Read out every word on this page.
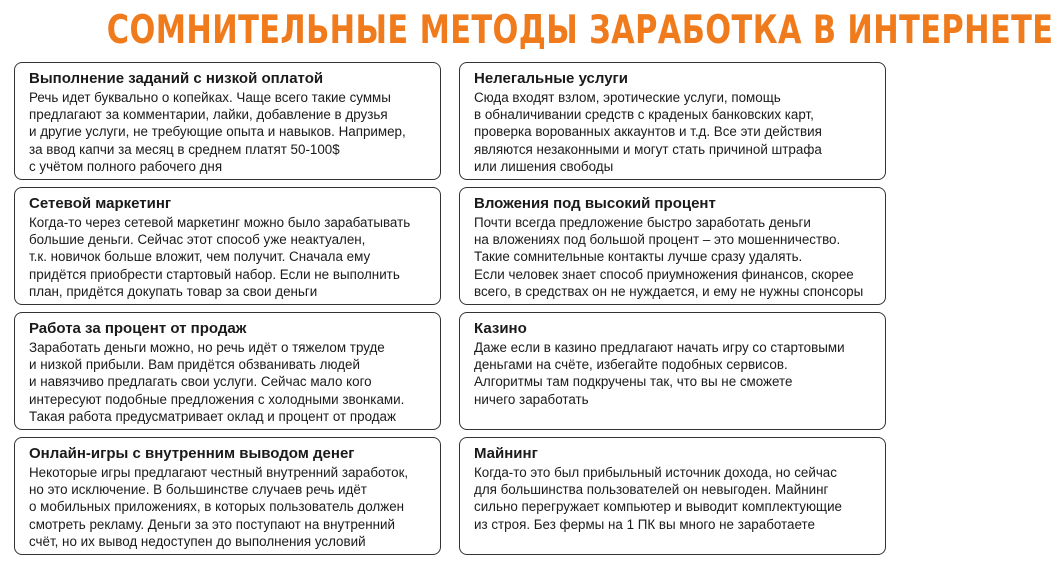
СОМНИТЕЛЬНЫЕ МЕТОДЫ ЗАРАБОТКА В ИНТЕРНЕТЕ
Выполнение заданий с низкой оплатой
Речь идет буквально о копейках. Чаще всего такие суммы
предлагают за комментарии, лайки, добавление в друзья
и другие услуги, не требующие опыта и навыков. Например,
за ввод капчи за месяц в среднем платят 50-100$
с учётом полного рабочего дня
Нелегальные услуги
Сюда входят взлом, эротические услуги, помощь
в обналичивании средств с краденых банковских карт,
проверка ворованных аккаунтов и т.д. Все эти действия
являются незаконными и могут стать причиной штрафа
или лишения свободы
Сетевой маркетинг
Когда-то через сетевой маркетинг можно было зарабатывать
большие деньги. Сейчас этот способ уже неактуален,
т.к. новичок больше вложит, чем получит. Сначала ему
придётся приобрести стартовый набор. Если не выполнить
план, придётся докупать товар за свои деньги
Вложения под высокий процент
Почти всегда предложение быстро заработать деньги
на вложениях под большой процент – это мошенничество.
Такие сомнительные контакты лучше сразу удалять.
Если человек знает способ приумножения финансов, скорее
всего, в средствах он не нуждается, и ему не нужны спонсоры
Работа за процент от продаж
Заработать деньги можно, но речь идёт о тяжелом труде
и низкой прибыли. Вам придётся обзванивать людей
и навязчиво предлагать свои услуги. Сейчас мало кого
интересуют подобные предложения с холодными звонками.
Такая работа предусматривает оклад и процент от продаж
Казино
Даже если в казино предлагают начать игру со стартовыми
деньгами на счёте, избегайте подобных сервисов.
Алгоритмы там подкручены так, что вы не сможете
ничего заработать
Онлайн-игры с внутренним выводом денег
Некоторые игры предлагают честный внутренний заработок,
но это исключение. В большинстве случаев речь идёт
о мобильных приложениях, в которых пользователь должен
смотреть рекламу. Деньги за это поступают на внутренний
счёт, но их вывод недоступен до выполнения условий
Майнинг
Когда-то это был прибыльный источник дохода, но сейчас
для большинства пользователей он невыгоден. Майнинг
сильно перегружает компьютер и выводит комплектующие
из строя. Без фермы на 1 ПК вы много не заработаете
